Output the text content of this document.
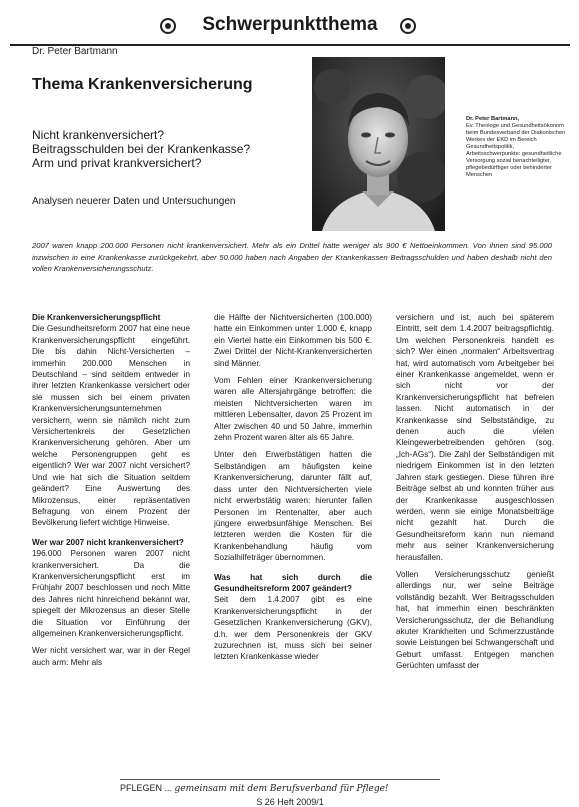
Schwerpunktthema
Dr. Peter Bartmann
Thema Krankenversicherung
Nicht krankenversichert?
Beitragsschulden bei der Krankenkasse?
Arm und privat krankversichert?
Analysen neuerer Daten und Untersuchungen
Dr. Peter Bartmann,
Ev. Theologe und Gesundheitsökonom beim Bundesverband der Diakonischen Werkes der EKD im Bereich Gesundheitspolitik, Arbeitsschwerpunkte: gesundheitliche Versorgung sozial benachteiligter, pflegebedürftiger oder behinderter Menschen
2007 waren knapp 200.000 Personen nicht krankenversichert. Mehr als ein Drittel hatte weniger als 900 € Nettoeinkommen. Von ihnen sind 95.000 inzwischen in eine Krankenkasse zurückgekehrt, aber 50.000 haben nach Angaben der Krankenkassen Beitragsschulden und haben deshalb nicht den vollen Krankenversicherungsschutz.

Die Krankenversicherungspflicht

Die Gesundheitsreform 2007 hat eine neue Krankenversicherungspflicht eingeführt. Die bis dahin Nicht-Versicherten – immerhin 200.000 Menschen in Deutschland – sind seitdem entweder in ihrer letzten Krankenkasse versichert oder sie mussen sich bei einem privaten Krankenversicherungsunternehmen versichern, wenn sie nämlich nicht zum Versichertenkreis der Gesetzlichen Krankenversicherung gehören. Aber um welche Personengruppen geht es eigentlich? Wer war 2007 nicht versichert? Und wie hat sich die Situation seitdem geändert? Eine Auswertung des Mikrozensus, einer repräsentativen Befragung von einem Prozent der Bevölkerung liefert wichtige Hinweise.

Wer war 2007 nicht krankenversichert?

196.000 Personen waren 2007 nicht krankenversichert. Da die Krankenversicherungspflicht erst im Frühjahr 2007 beschlossen und noch Mitte des Jahres nicht hinreichend bekannt war, spiegelt der Mikrozensus an dieser Stelle die Situation vor Einführung der allgemeinen Krankenversicherungspflicht.

Wer nicht versichert war, war in der Regel auch arm: Mehr als

die Hälfte der Nichtversicherten (100.000) hatte ein Einkommen unter 1.000 €, knapp ein Viertel hatte ein Einkommen bis 500 €. Zwei Drittel der Nicht-Krankenversicherten sind Männer.

Vom Fehlen einer Krankenversicherung waren alle Altersjahrgänge betroffen: die meisten Nichtversicherten waren im mittleren Lebensalter, davon 25 Prozent im Alter zwischen 40 und 50 Jahre, immerhin zehn Prozent waren älter als 65 Jahre.

Unter den Erwerbstätigen hatten die Selbständigen am häufigsten keine Krankenversicherung, darunter fällt auf, dass unter den Nichtversicherten viele nicht erwerbstätig waren: hierunter fallen Personen im Rentenalter, aber auch jüngere erwerbsunfähige Menschen. Bei letzteren werden die Kosten für die Krankenbehandlung häufig vom Sozialhilfeträger übernommen.

Was hat sich durch die Gesundheitsreform 2007 geändert?

Seit dem 1.4.2007 gibt es eine Krankenversicherungspflicht in der Gesetzlichen Krankenversicherung (GKV), d.h. wer dem Personenkreis der GKV zuzurechnen ist, muss sich bei seiner letzten Krankenkasse wieder

versichern und ist, auch bei späterem Eintritt, seit dem 1.4.2007 beitragspflichtig. Um welchen Personenkreis handelt es sich? Wer einen „normalen“ Arbeitsvertrag hat, wird automatisch vom Arbeitgeber bei einer Krankenkasse angemeldet, wenn er sich nicht vor der Krankenversicherungspflicht hat befreien lassen. Nicht automatisch in der Krankenkasse sind Selbstständige, zu denen auch die vielen Kleingewerbetreibenden gehören (sog. „Ich-AGs“). Die Zahl der Selbständigen mit niedrigem Einkommen ist in den letzten Jahren stark gestiegen. Diese führen ihre Beiträge selbst ab und konnten früher aus der Krankenkasse ausgeschlossen werden, wenn sie einige Monatsbeiträge nicht gezahlt hat. Durch die Gesundheitsreform kann nun niemand mehr aus seiner Krankenversicherung herausfallen.

Vollen Versicherungsschutz genießt allerdings nur, wer seine Beiträge vollständig bezahlt. Wer Beitragsschulden hat, hat immerhin einen beschränkten Versicherungsschutz, der die Behandlung akuter Krankheiten und Schmerzzustände sowie Leistungen bei Schwangerschaft und Geburt umfasst. Entgegen manchen Gerüchten umfasst der

PFLEGEN ... gemeinsam mit dem Berufsverband für Pflege!
S 26 Heft 2009/1
